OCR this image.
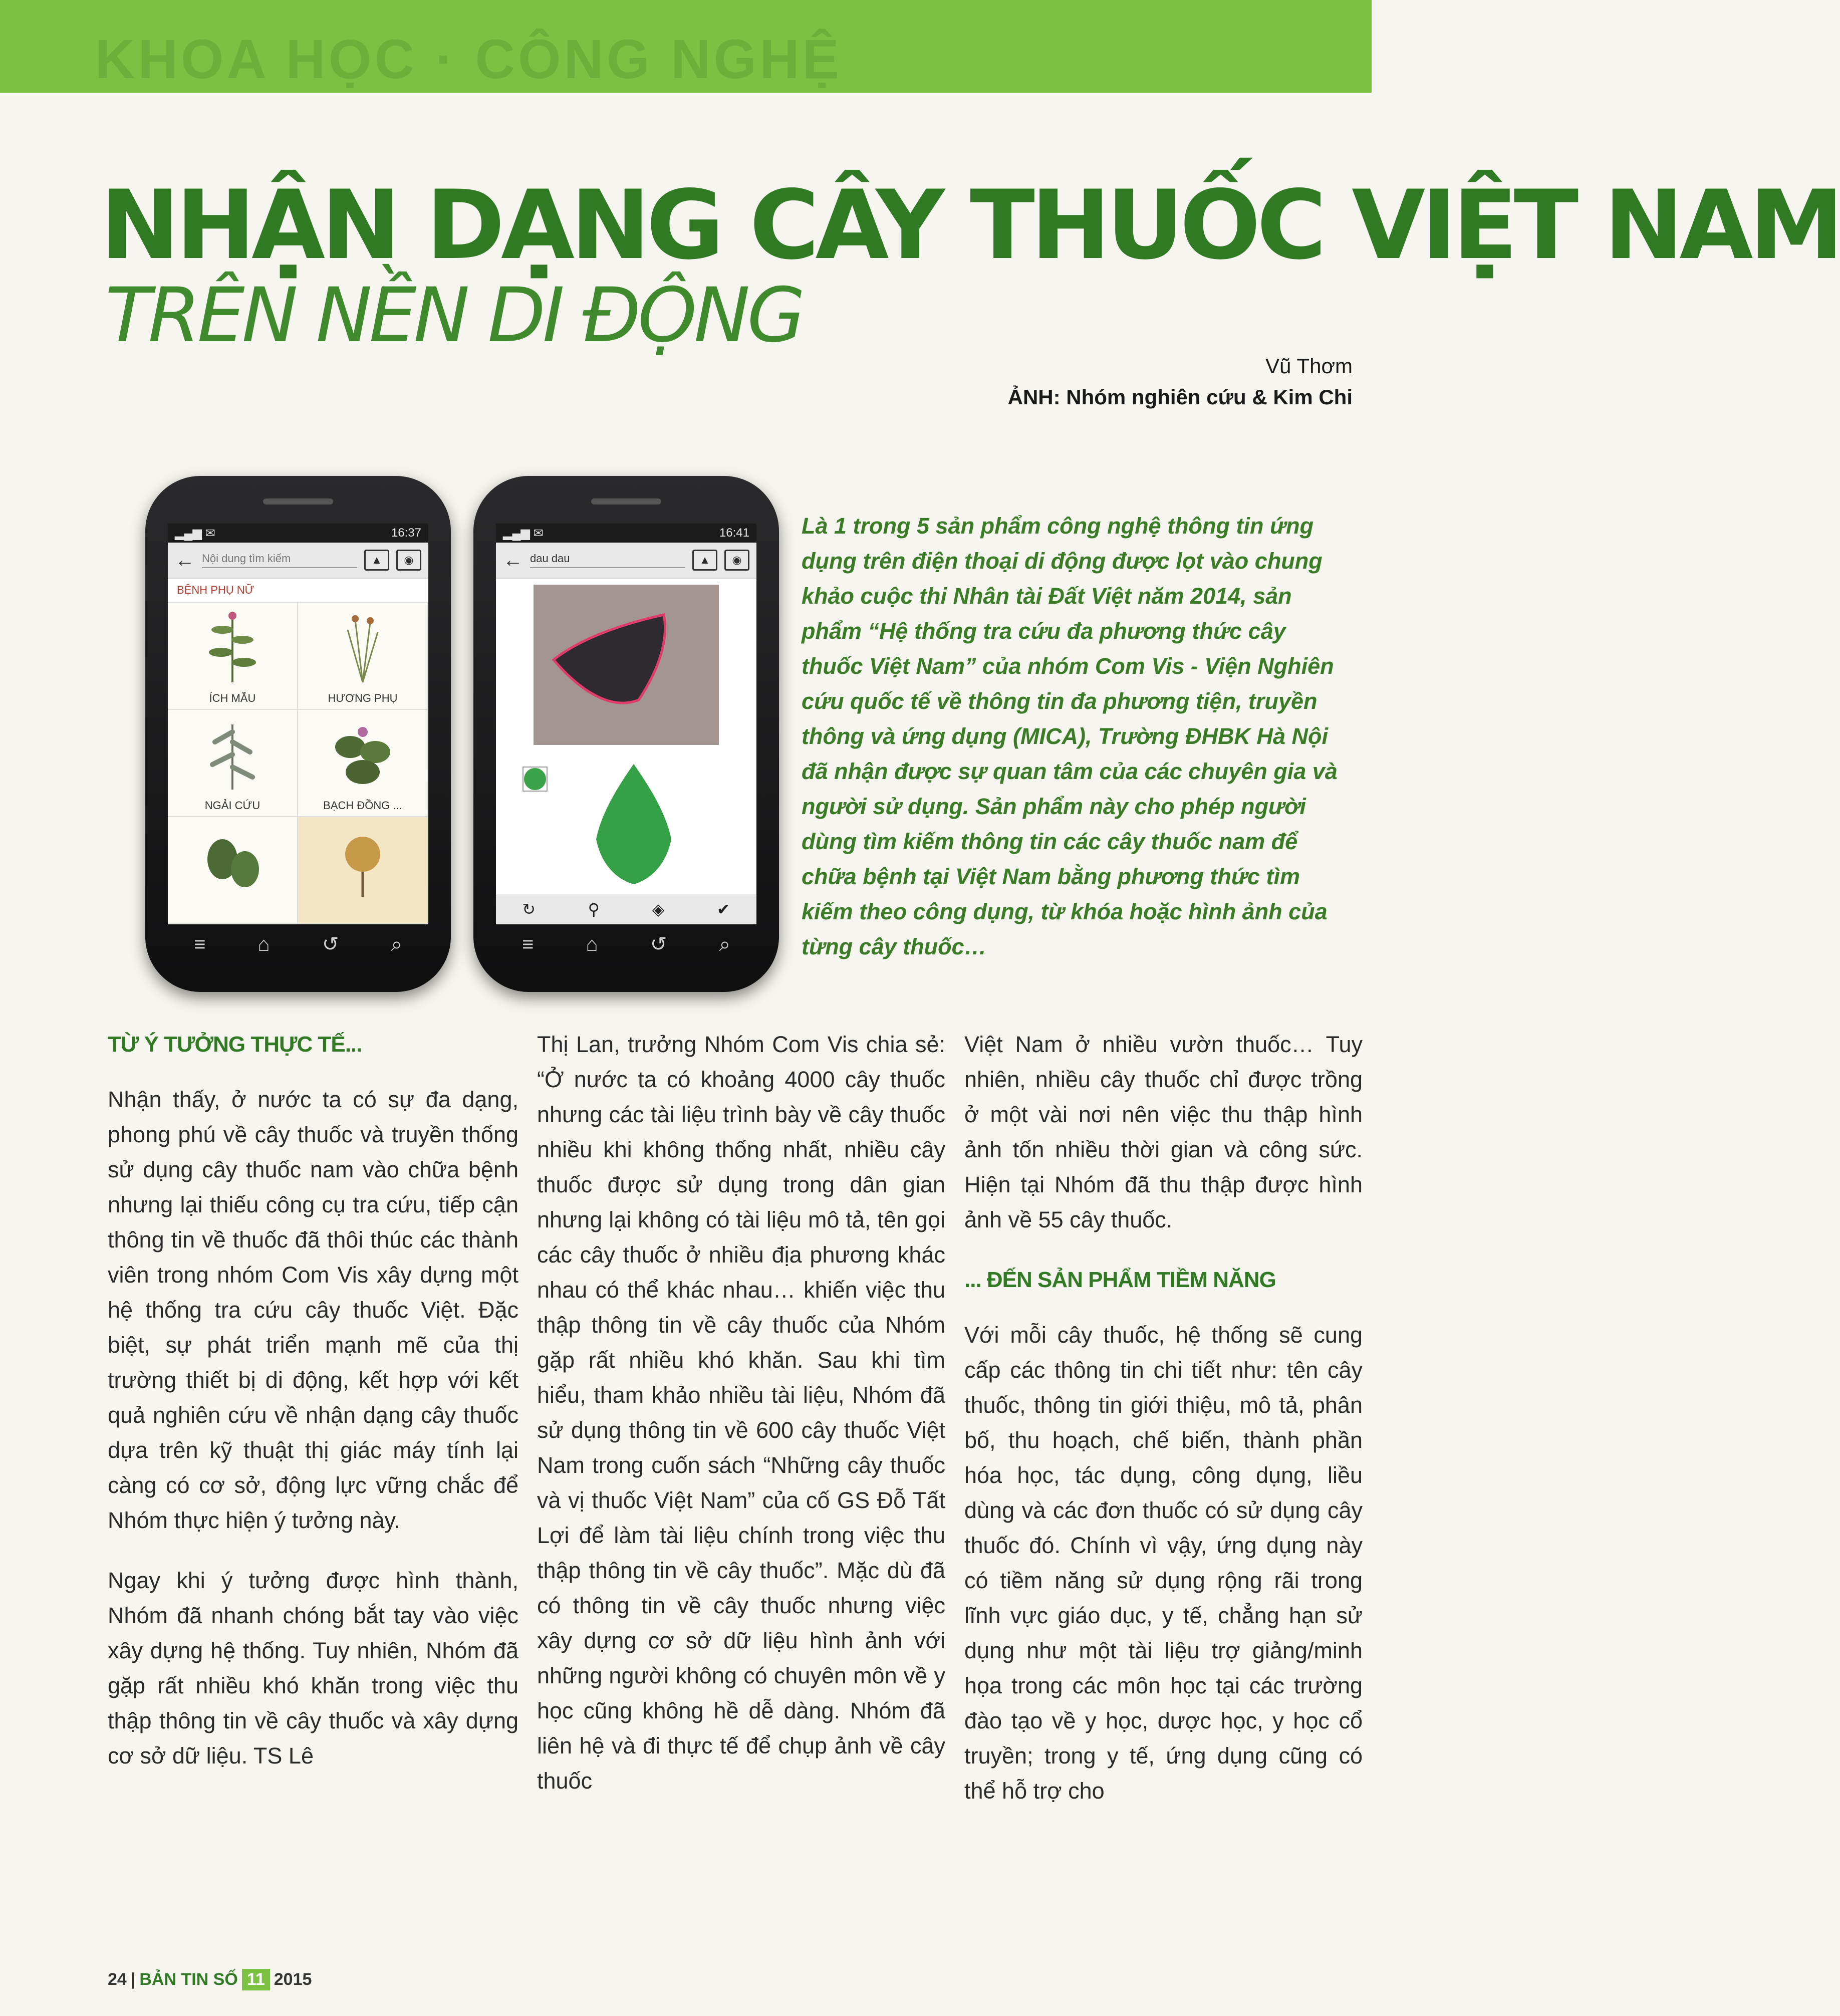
KHOA HỌC · CÔNG NGHỆ
NHẬN DẠNG CÂY THUỐC VIỆT NAM
TRÊN NỀN DI ĐỘNG
Vũ Thơm
ẢNH: Nhóm nghiên cứu & Kim Chi
▂▄▆ ✉	16:37
← Nội dung tìm kiếm	▲	◉
BỆNH PHỤ NỮ
ÍCH MẪU	HƯƠNG PHỤ
NGẢI CỨU	BẠCH ĐỒNG ...
≡	⌂	↺	⌕
▂▄▆ ✉	16:41
← dau dau	▲	◉
↻	⚲	◈	✔
≡	⌂	↺	⌕
Là 1 trong 5 sản phẩm công nghệ thông tin ứng dụng trên điện thoại di động được lọt vào chung khảo cuộc thi Nhân tài Đất Việt năm 2014, sản phẩm “Hệ thống tra cứu đa phương thức cây thuốc Việt Nam” của nhóm Com Vis - Viện Nghiên cứu quốc tế về thông tin đa phương tiện, truyền thông và ứng dụng (MICA), Trường ĐHBK Hà Nội đã nhận được sự quan tâm của các chuyên gia và người sử dụng. Sản phẩm này cho phép người dùng tìm kiếm thông tin các cây thuốc nam để chữa bệnh tại Việt Nam bằng phương thức tìm kiếm theo công dụng, từ khóa hoặc hình ảnh của từng cây thuốc…
TỪ Ý TƯỞNG THỰC TẾ...

Nhận thấy, ở nước ta có sự đa dạng, phong phú về cây thuốc và truyền thống sử dụng cây thuốc nam vào chữa bệnh nhưng lại thiếu công cụ tra cứu, tiếp cận thông tin về thuốc đã thôi thúc các thành viên trong nhóm Com Vis xây dựng một hệ thống tra cứu cây thuốc Việt. Đặc biệt, sự phát triển mạnh mẽ của thị trường thiết bị di động, kết hợp với kết quả nghiên cứu về nhận dạng cây thuốc dựa trên kỹ thuật thị giác máy tính lại càng có cơ sở, động lực vững chắc để Nhóm thực hiện ý tưởng này.

Ngay khi ý tưởng được hình thành, Nhóm đã nhanh chóng bắt tay vào việc xây dựng hệ thống. Tuy nhiên, Nhóm đã gặp rất nhiều khó khăn trong việc thu thập thông tin về cây thuốc và xây dựng cơ sở dữ liệu. TS Lê

Thị Lan, trưởng Nhóm Com Vis chia sẻ: “Ở nước ta có khoảng 4000 cây thuốc nhưng các tài liệu trình bày về cây thuốc nhiều khi không thống nhất, nhiều cây thuốc được sử dụng trong dân gian nhưng lại không có tài liệu mô tả, tên gọi các cây thuốc ở nhiều địa phương khác nhau có thể khác nhau… khiến việc thu thập thông tin về cây thuốc của Nhóm gặp rất nhiều khó khăn. Sau khi tìm hiểu, tham khảo nhiều tài liệu, Nhóm đã sử dụng thông tin về 600 cây thuốc Việt Nam trong cuốn sách “Những cây thuốc và vị thuốc Việt Nam” của cố GS Đỗ Tất Lợi để làm tài liệu chính trong việc thu thập thông tin về cây thuốc”. Mặc dù đã có thông tin về cây thuốc nhưng việc xây dựng cơ sở dữ liệu hình ảnh với những người không có chuyên môn về y học cũng không hề dễ dàng. Nhóm đã liên hệ và đi thực tế để chụp ảnh về cây thuốc

Việt Nam ở nhiều vườn thuốc… Tuy nhiên, nhiều cây thuốc chỉ được trồng ở một vài nơi nên việc thu thập hình ảnh tốn nhiều thời gian và công sức. Hiện tại Nhóm đã thu thập được hình ảnh về 55 cây thuốc.

... ĐẾN SẢN PHẨM TIỀM NĂNG

Với mỗi cây thuốc, hệ thống sẽ cung cấp các thông tin chi tiết như: tên cây thuốc, thông tin giới thiệu, mô tả, phân bố, thu hoạch, chế biến, thành phần hóa học, tác dụng, công dụng, liều dùng và các đơn thuốc có sử dụng cây thuốc đó. Chính vì vậy, ứng dụng này có tiềm năng sử dụng rộng rãi trong lĩnh vực giáo dục, y tế, chẳng hạn sử dụng như một tài liệu trợ giảng/minh họa trong các môn học tại các trường đào tạo về y học, dược học, y học cổ truyền; trong y tế, ứng dụng cũng có thể hỗ trợ cho

24 | BẢN TIN SỐ 11 2015
